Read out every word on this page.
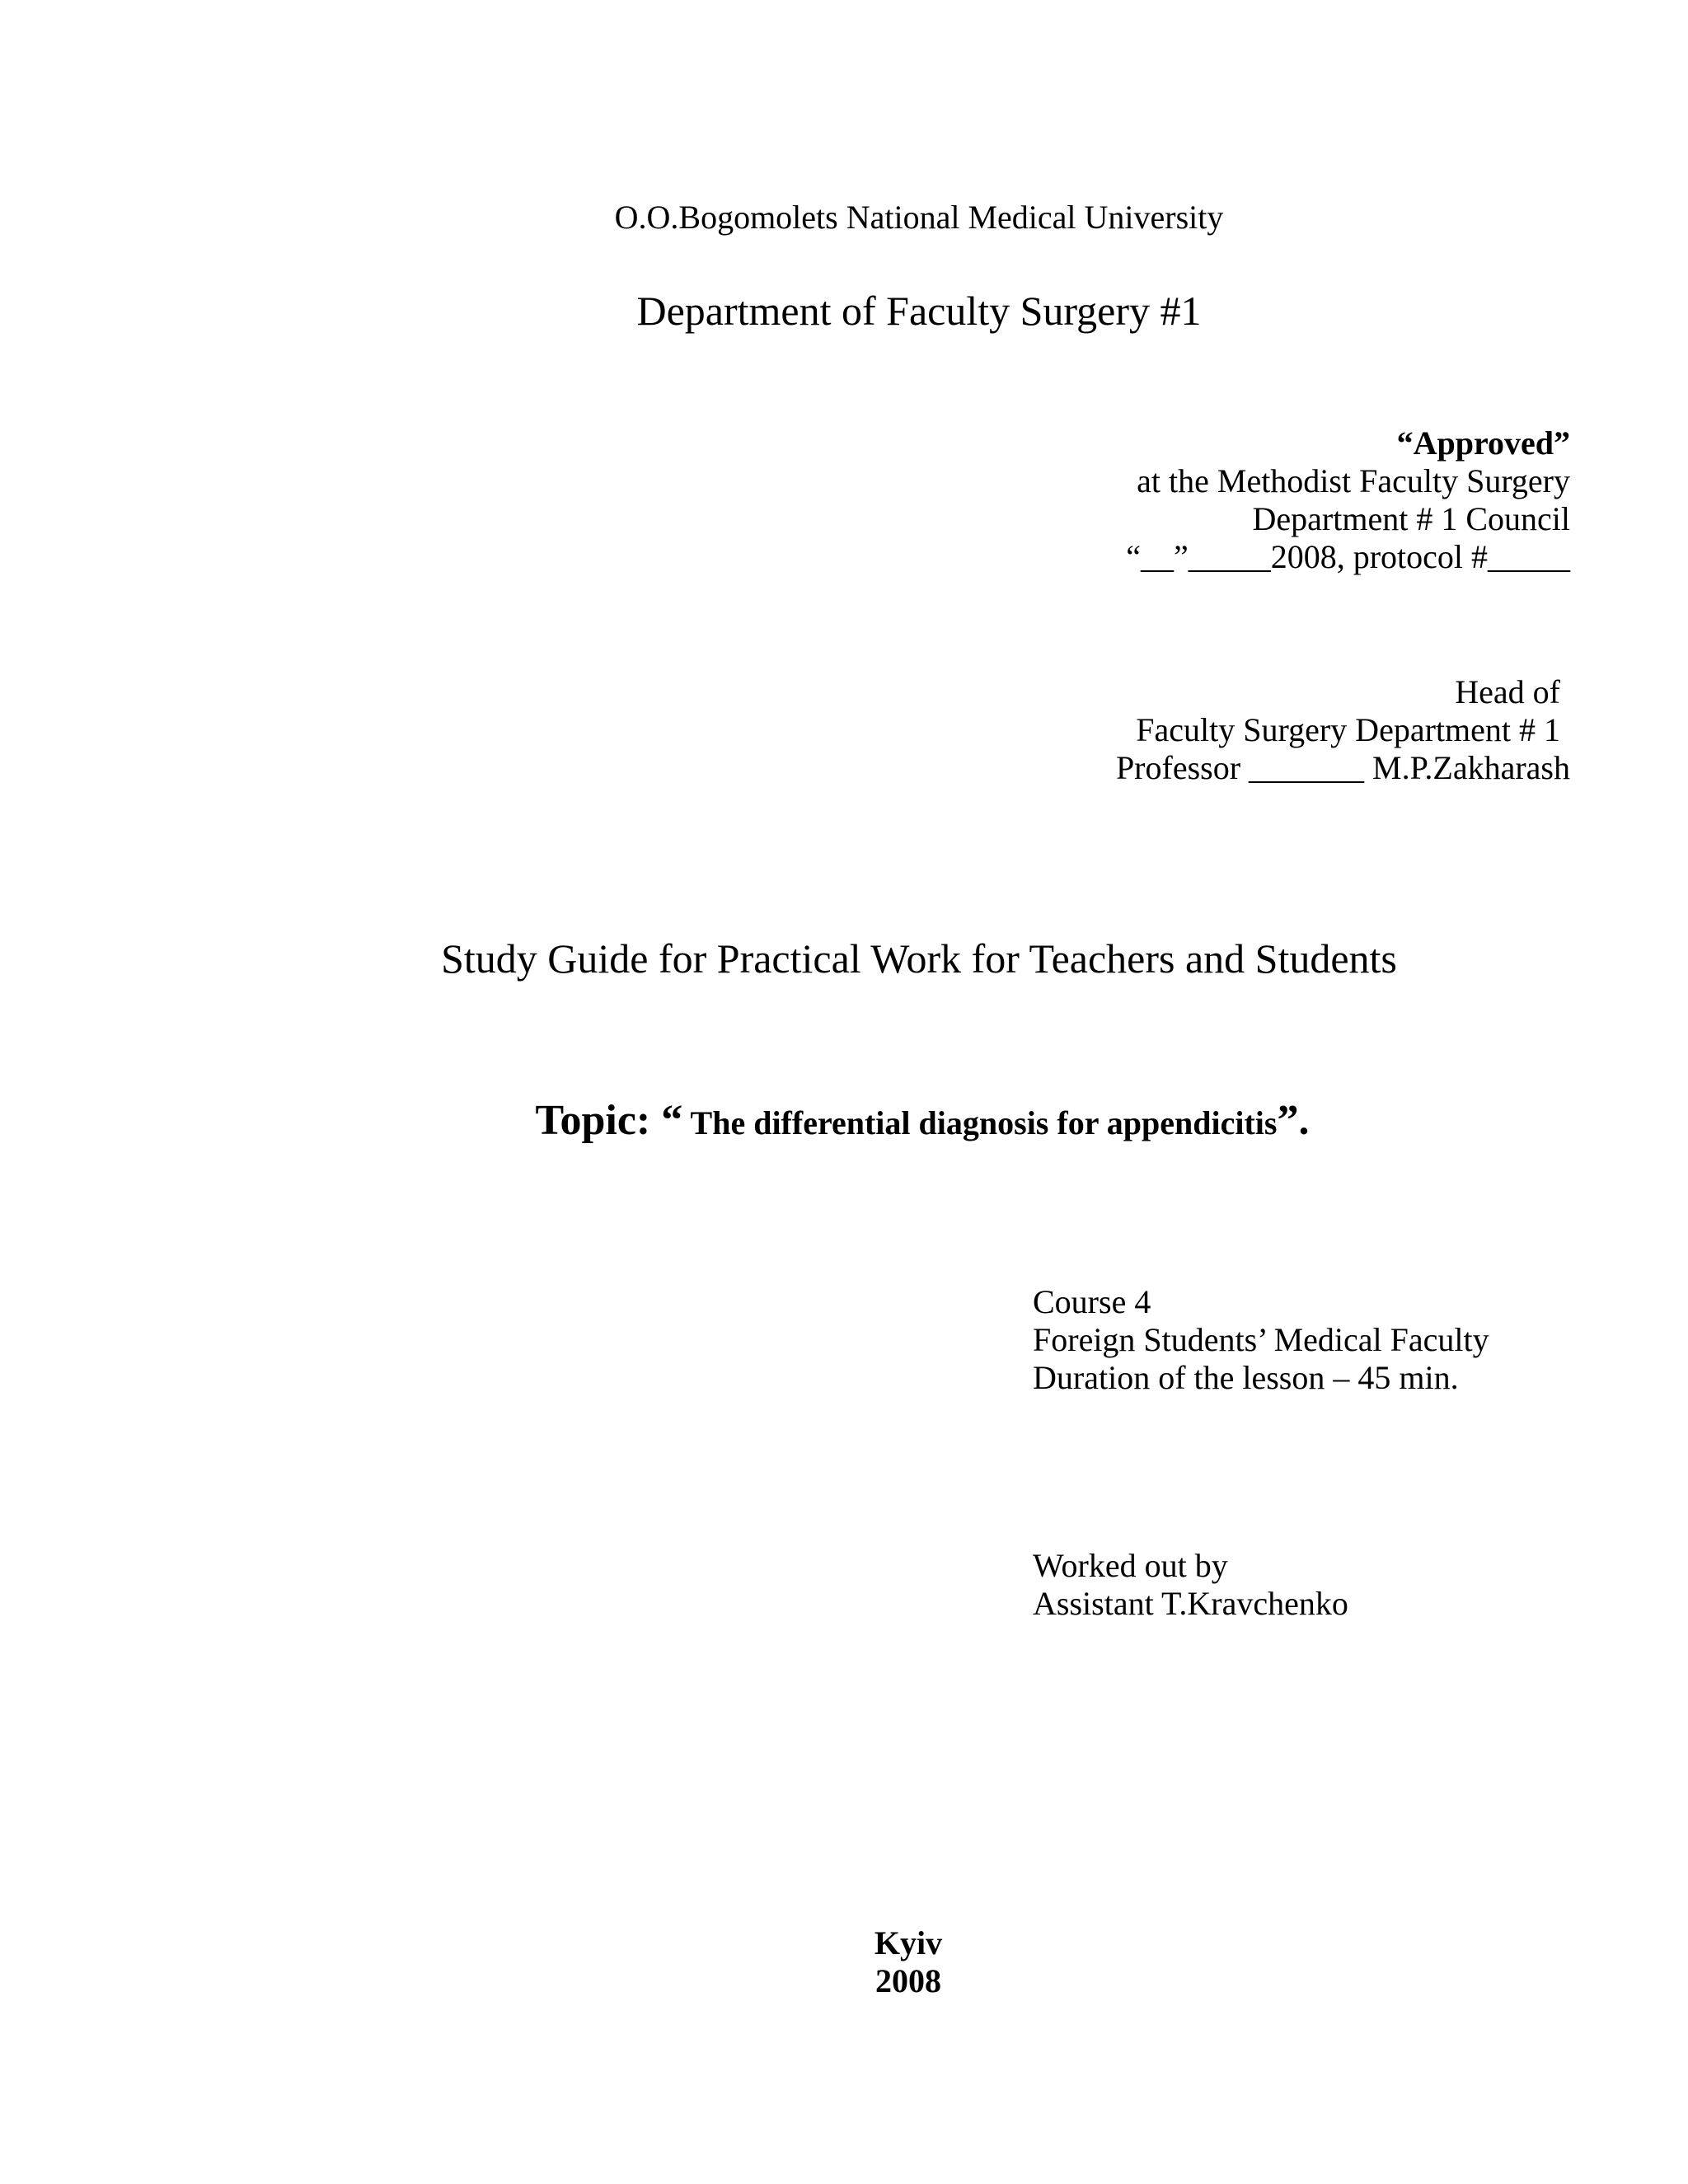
O.O.Bogomolets National Medical University
Department of Faculty Surgery #1
“Approved”
at the Methodist Faculty Surgery
Department # 1 Council
“__”_____2008, protocol #_____
Head of
Faculty Surgery Department # 1
Professor _______ M.P.Zakharash
Study Guide for Practical Work for Teachers and Students

Topic: “ The differential diagnosis for appendicitis”.

Course 4
Foreign Students’ Medical Faculty
Duration of the lesson – 45 min.
Worked out by
Assistant T.Kravchenko
Kyiv
2008
